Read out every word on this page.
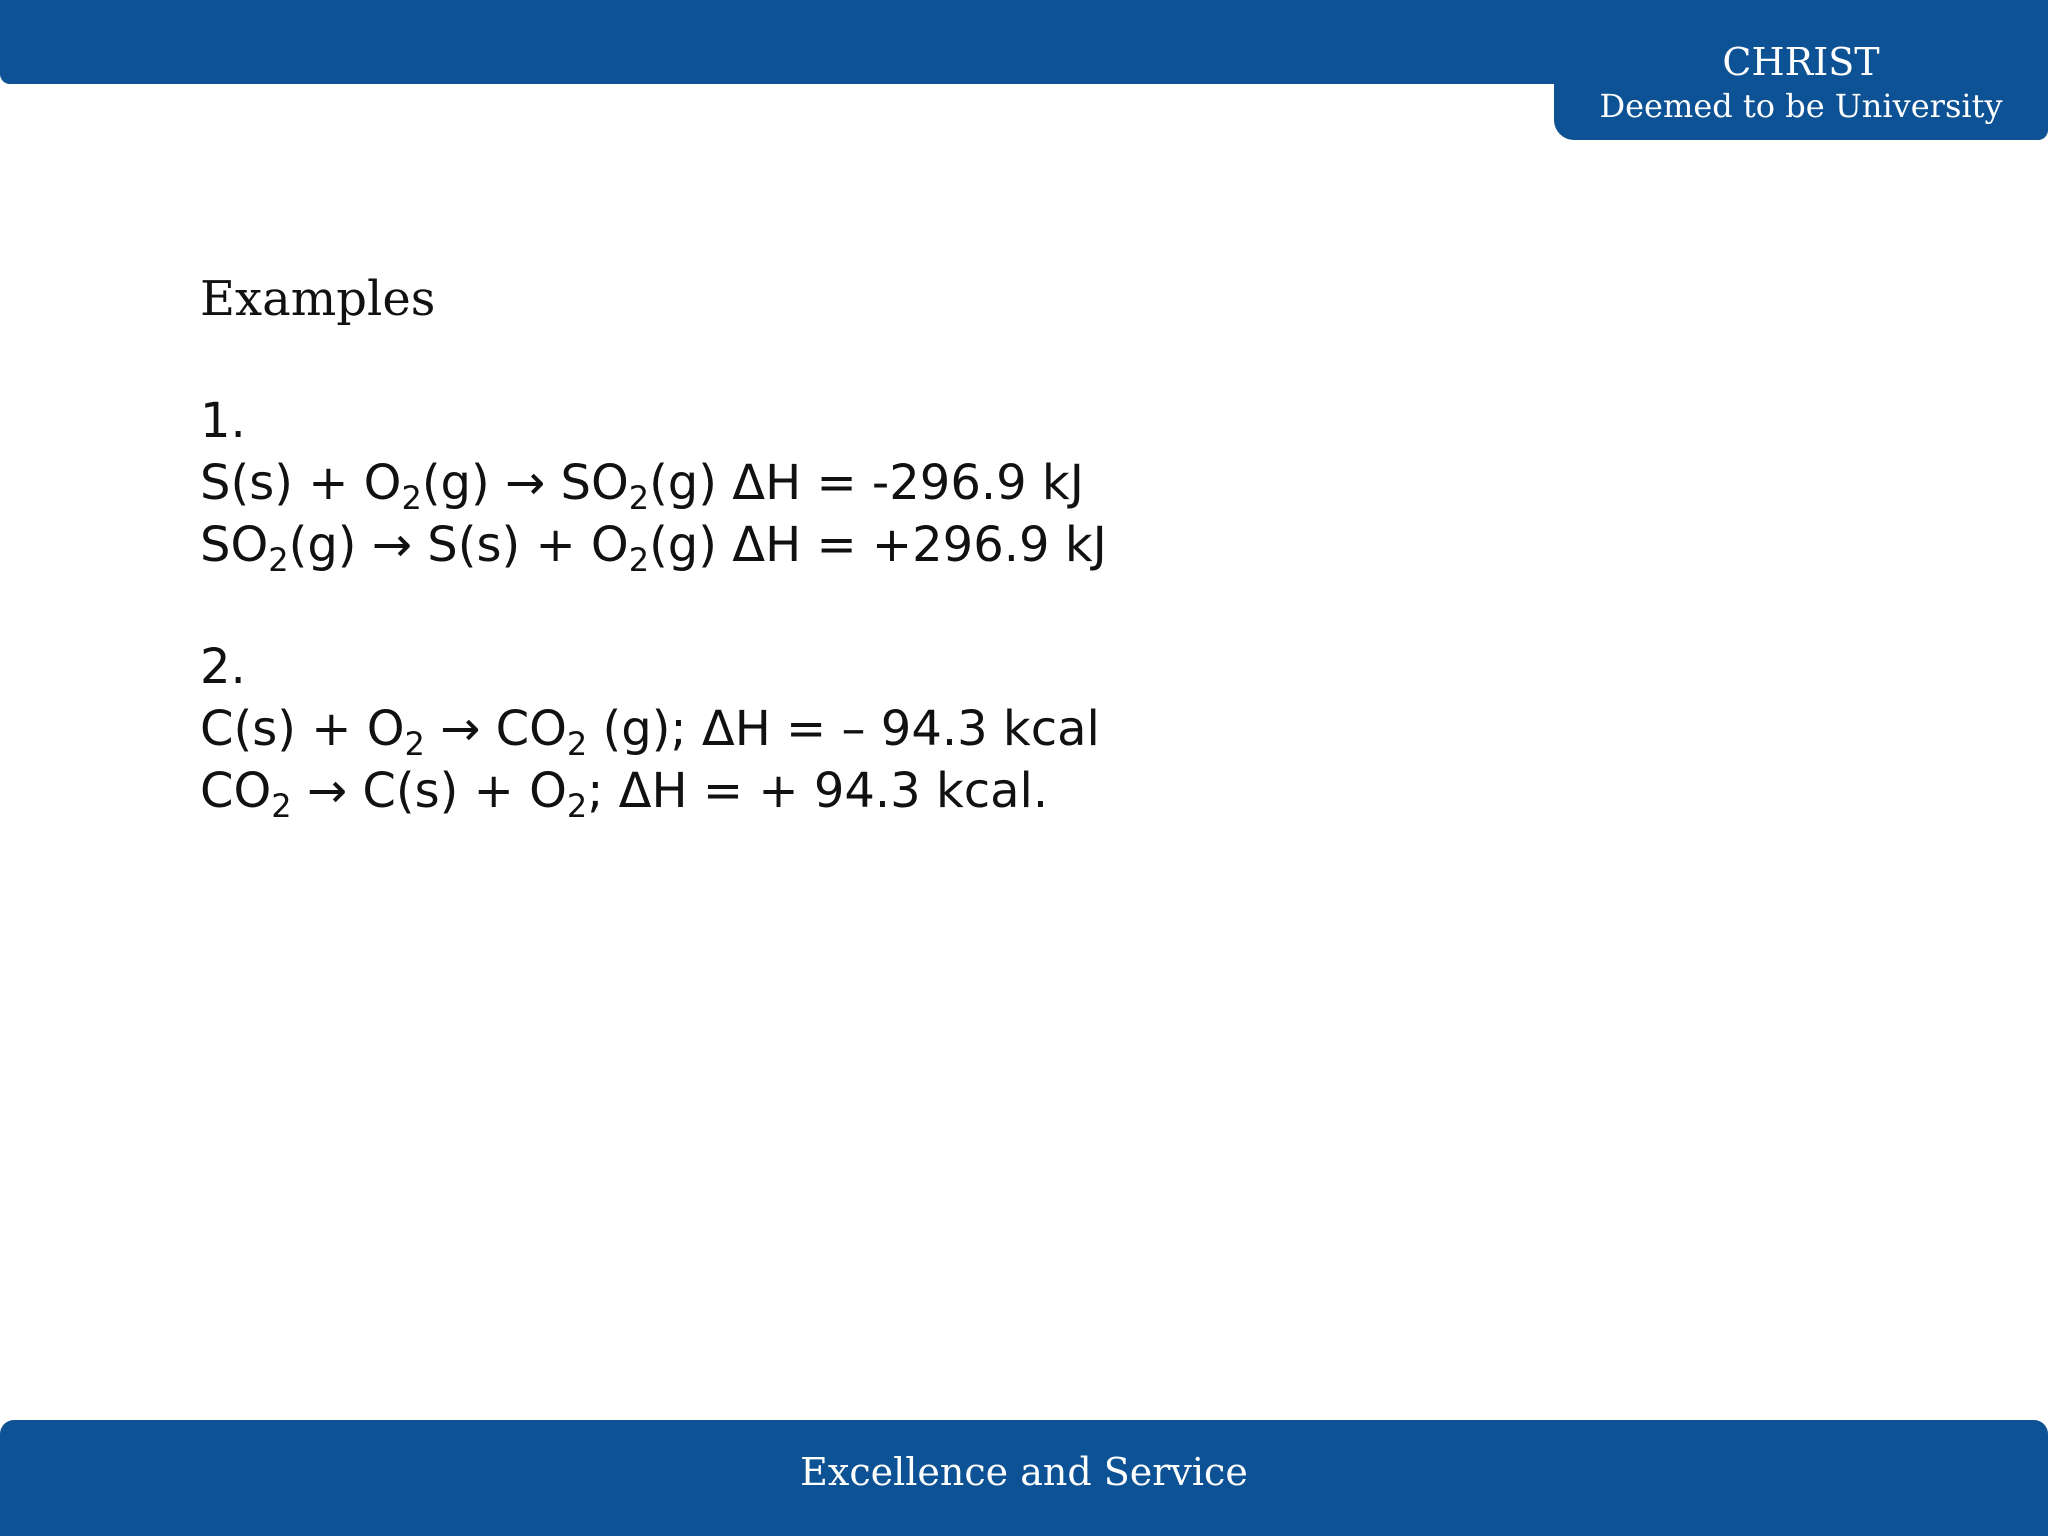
CHRIST
Deemed to be University
Examples
1.
$S(s) + O_2(g) \to SO_2(g) \Delta H = -296.9$ kJ
$SO_2(g) \to S(s) + O_2(g) \Delta H = +296.9$ kJ
2.
$C(s) + O_2 \to CO_2$ (g); ΔH = – 94.3 kcal
$CO_2 \to C(s) + O_2$; ΔH = + 94.3 kcal.
Excellence and Service
